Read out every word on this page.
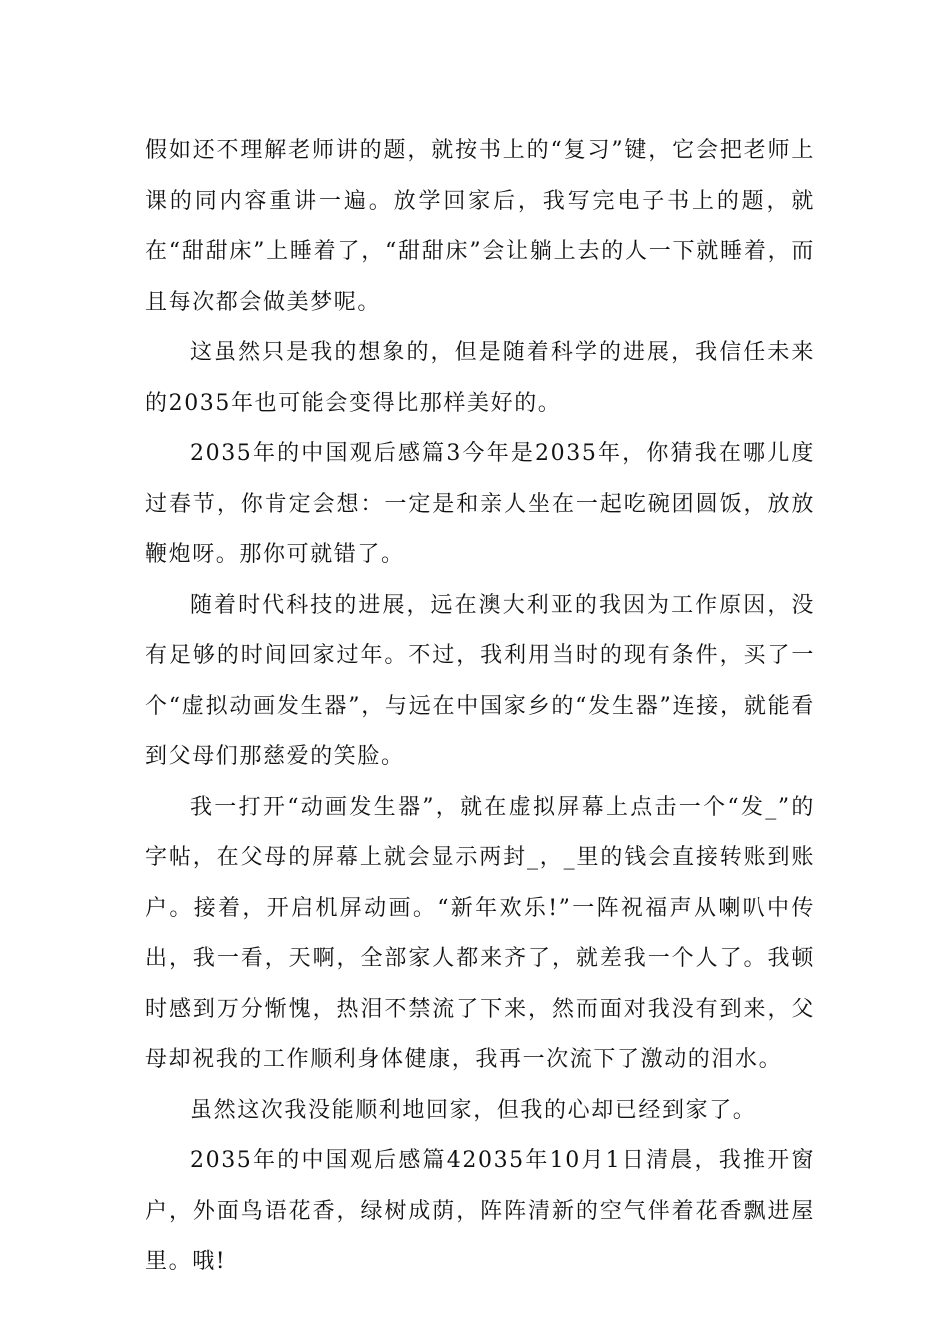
假如还不理解老师讲的题，就按书上的“复习”键，它会把老师上课的同内容重讲一遍。放学回家后，我写完电子书上的题，就在“甜甜床”上睡着了，“甜甜床”会让躺上去的人一下就睡着，而且每次都会做美梦呢。

这虽然只是我的想象的，但是随着科学的进展，我信任未来的2035年也可能会变得比那样美好的。

2035年的中国观后感篇3今年是2035年，你猜我在哪儿度过春节，你肯定会想：一定是和亲人坐在一起吃碗团圆饭，放放鞭炮呀。那你可就错了。

随着时代科技的进展，远在澳大利亚的我因为工作原因，没有足够的时间回家过年。不过，我利用当时的现有条件，买了一个“虚拟动画发生器”，与远在中国家乡的“发生器”连接，就能看到父母们那慈爱的笑脸。

我一打开“动画发生器”，就在虚拟屏幕上点击一个“发_”的字帖，在父母的屏幕上就会显示两封_，_里的钱会直接转账到账户。接着，开启机屏动画。“新年欢乐!”一阵祝福声从喇叭中传出，我一看，天啊，全部家人都来齐了，就差我一个人了。我顿时感到万分惭愧，热泪不禁流了下来，然而面对我没有到来，父母却祝我的工作顺利身体健康，我再一次流下了激动的泪水。

虽然这次我没能顺利地回家，但我的心却已经到家了。

2035年的中国观后感篇42035年10月1日清晨，我推开窗户，外面鸟语花香，绿树成荫，阵阵清新的空气伴着花香飘进屋里。哦!
